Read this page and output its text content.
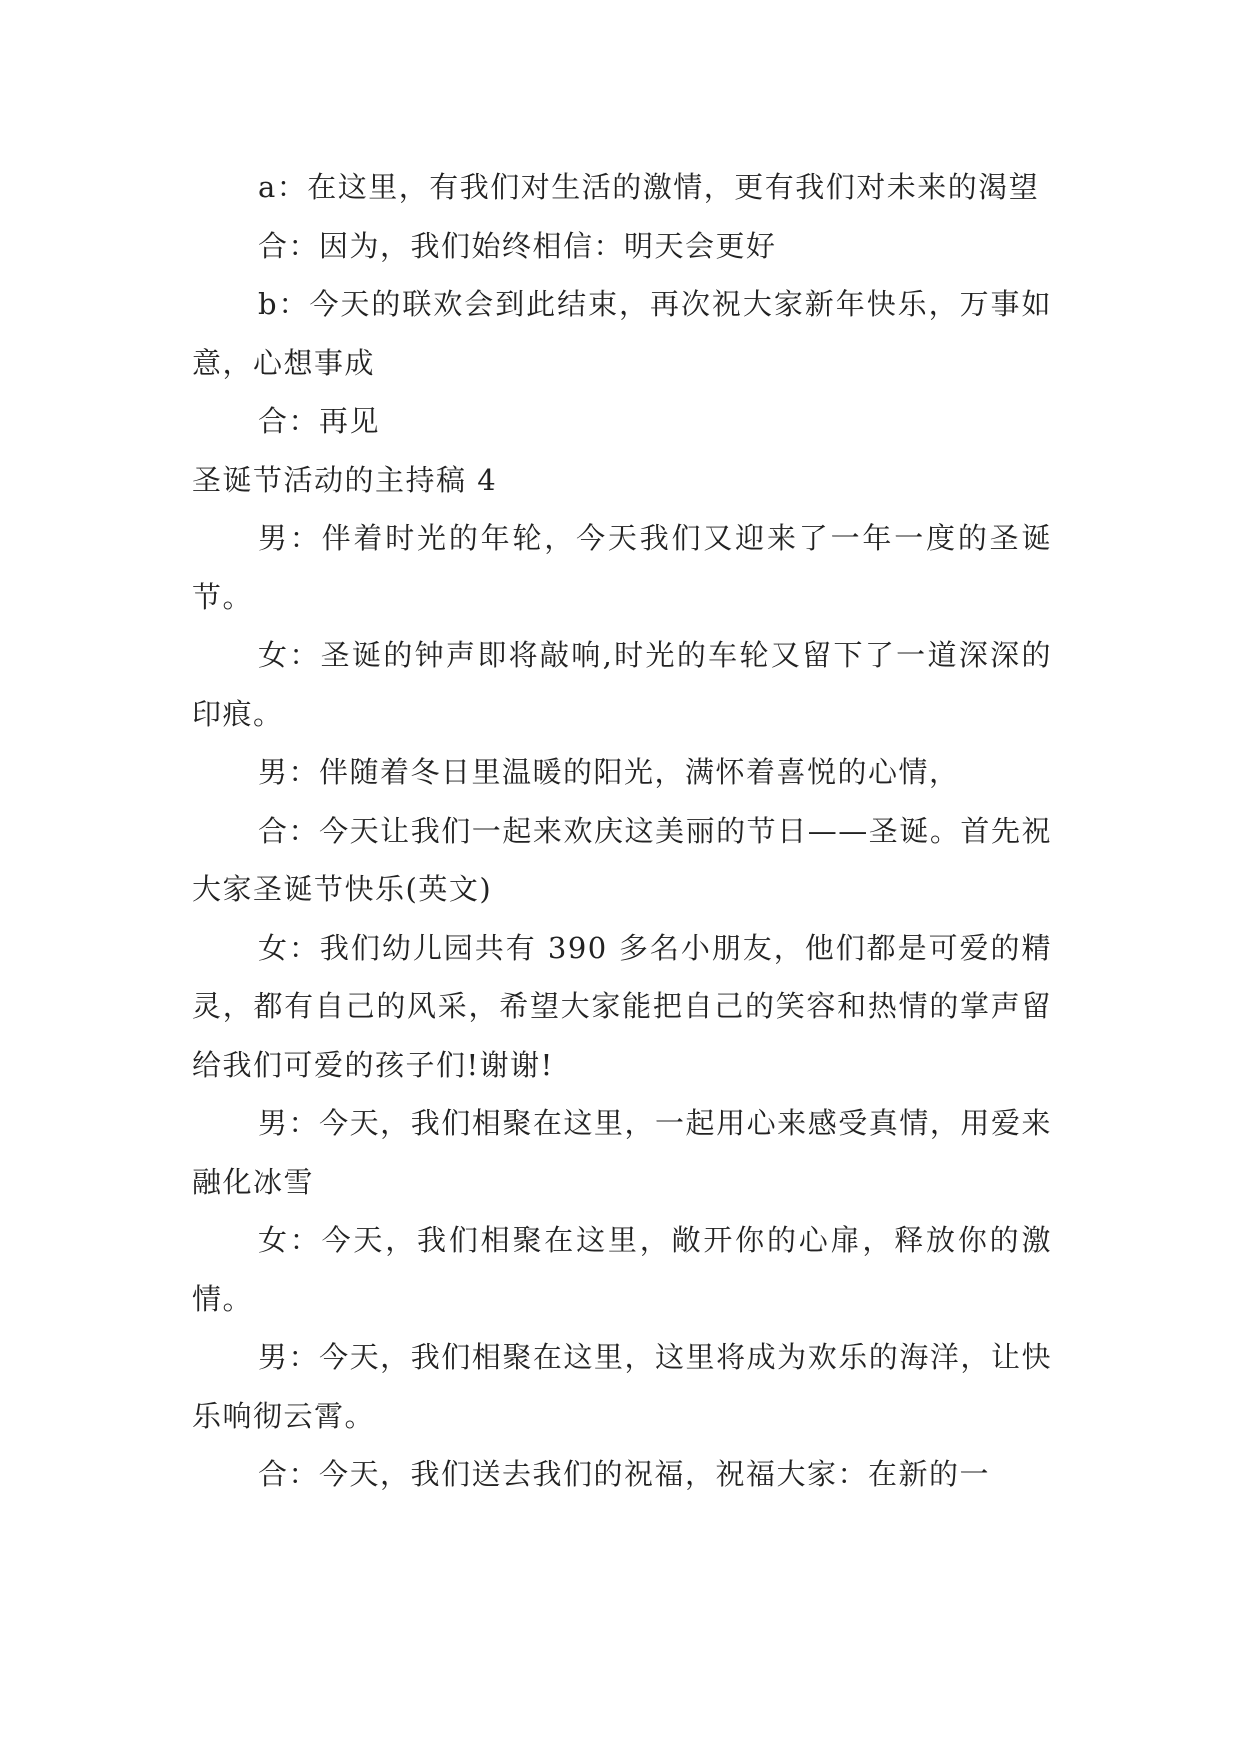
a：在这里，有我们对生活的激情，更有我们对未来的渴望

合：因为，我们始终相信：明天会更好

b：今天的联欢会到此结束，再次祝大家新年快乐，万事如意，心想事成

合：再见

圣诞节活动的主持稿 4

男：伴着时光的年轮，今天我们又迎来了一年一度的圣诞节。

女：圣诞的钟声即将敲响,时光的车轮又留下了一道深深的印痕。

男：伴随着冬日里温暖的阳光，满怀着喜悦的心情，

合：今天让我们一起来欢庆这美丽的节日——圣诞。首先祝大家圣诞节快乐(英文)

女：我们幼儿园共有 390 多名小朋友，他们都是可爱的精灵，都有自己的风采，希望大家能把自己的笑容和热情的掌声留给我们可爱的孩子们!谢谢!

男：今天，我们相聚在这里，一起用心来感受真情，用爱来融化冰雪

女：今天，我们相聚在这里，敞开你的心扉，释放你的激情。

男：今天，我们相聚在这里，这里将成为欢乐的海洋，让快乐响彻云霄。

合：今天，我们送去我们的祝福，祝福大家：在新的一
